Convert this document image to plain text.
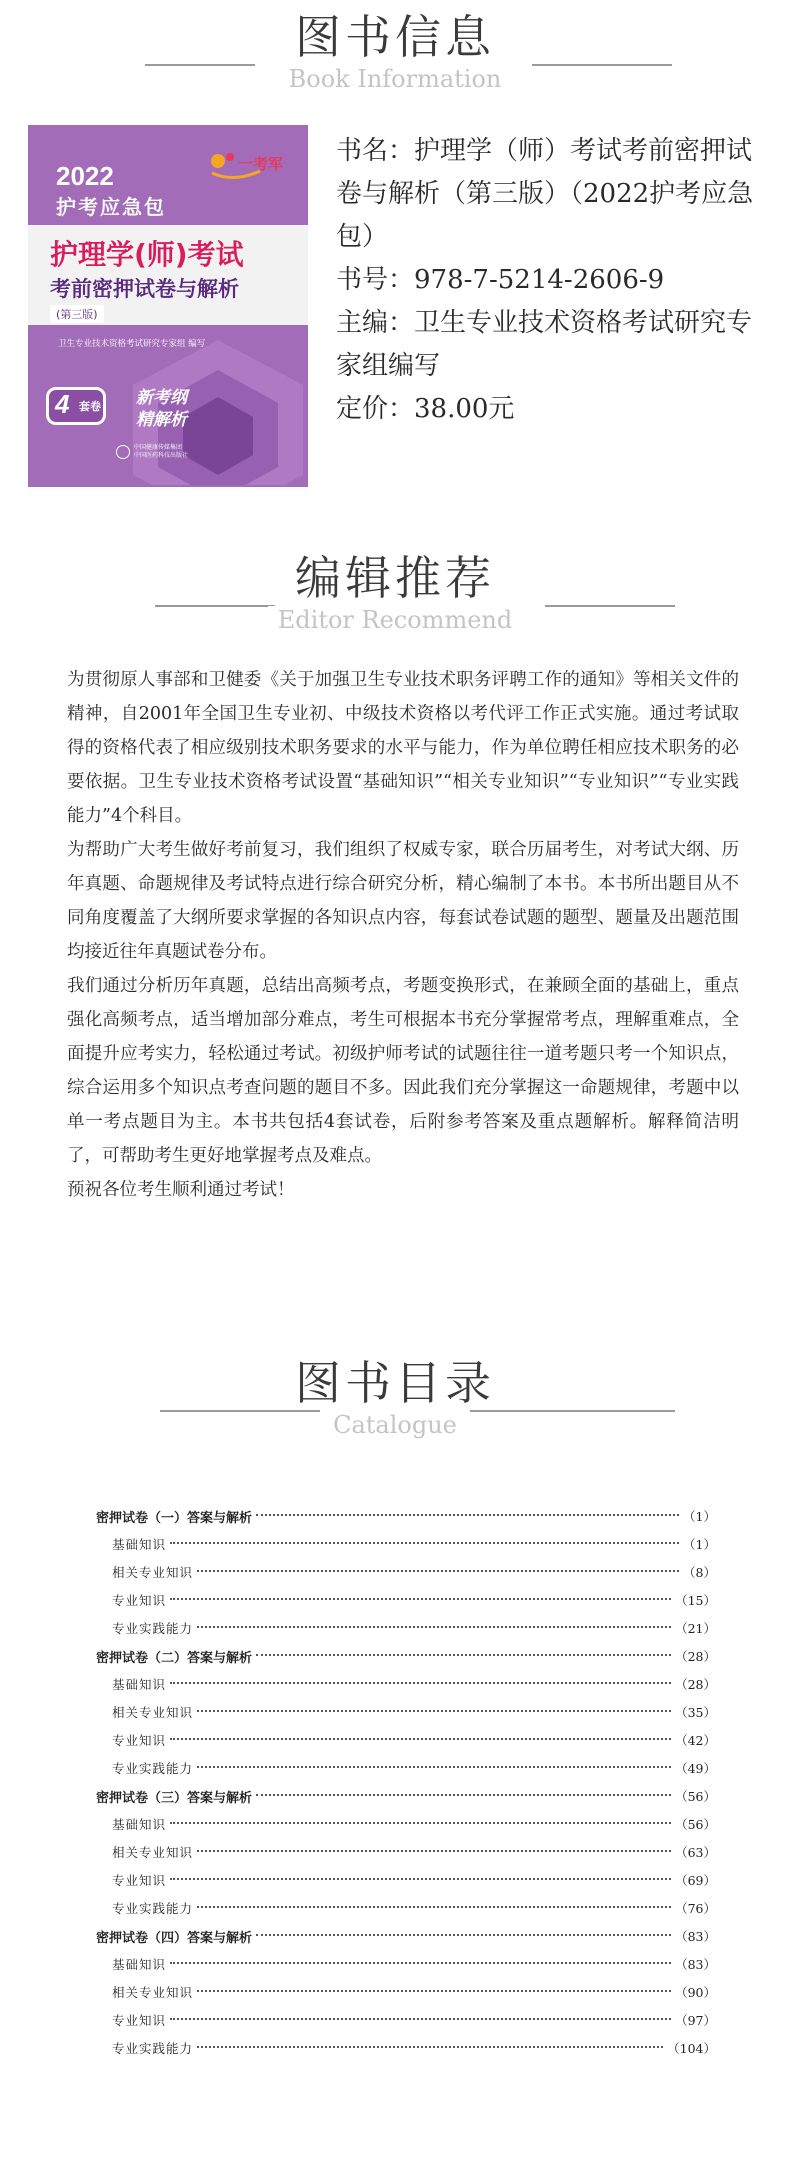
图书信息
Book Information
2022
护考应急包
一考军
护理学(师)考试
考前密押试卷与解析
(第三版)
卫生专业技术资格考试研究专家组 编写
4 套卷 新考纲
精解析
中国健康传媒集团
中国医药科技出版社

书名：护理学（师）考试考前密押试卷与解析（第三版）（2022护考应急包）

书号：978-7-5214-2606-9

主编：卫生专业技术资格考试研究专家组编写

定价：38.00元

编辑推荐
Editor Recommend

为贯彻原人事部和卫健委《关于加强卫生专业技术职务评聘工作的通知》等相关文件的精神，自2001年全国卫生专业初、中级技术资格以考代评工作正式实施。通过考试取得的资格代表了相应级别技术职务要求的水平与能力，作为单位聘任相应技术职务的必要依据。卫生专业技术资格考试设置“基础知识”“相关专业知识”“专业知识”“专业实践能力”4个科目。

为帮助广大考生做好考前复习，我们组织了权威专家，联合历届考生，对考试大纲、历年真题、命题规律及考试特点进行综合研究分析，精心编制了本书。本书所出题目从不同角度覆盖了大纲所要求掌握的各知识点内容，每套试卷试题的题型、题量及出题范围均接近往年真题试卷分布。

我们通过分析历年真题，总结出高频考点，考题变换形式，在兼顾全面的基础上，重点强化高频考点，适当增加部分难点，考生可根据本书充分掌握常考点，理解重难点，全面提升应考实力，轻松通过考试。初级护师考试的试题往往一道考题只考一个知识点，综合运用多个知识点考查问题的题目不多。因此我们充分掌握这一命题规律，考题中以单一考点题目为主。本书共包括4套试卷，后附参考答案及重点题解析。解释简洁明了，可帮助考生更好地掌握考点及难点。

预祝各位考生顺利通过考试！

图书目录
Catalogue
密押试卷（一）答案与解析	（1）
基础知识	（1）
相关专业知识	（8）
专业知识	（15）
专业实践能力	（21）
密押试卷（二）答案与解析	（28）
基础知识	（28）
相关专业知识	（35）
专业知识	（42）
专业实践能力	（49）
密押试卷（三）答案与解析	（56）
基础知识	（56）
相关专业知识	（63）
专业知识	（69）
专业实践能力	（76）
密押试卷（四）答案与解析	（83）
基础知识	（83）
相关专业知识	（90）
专业知识	（97）
专业实践能力	（104）
